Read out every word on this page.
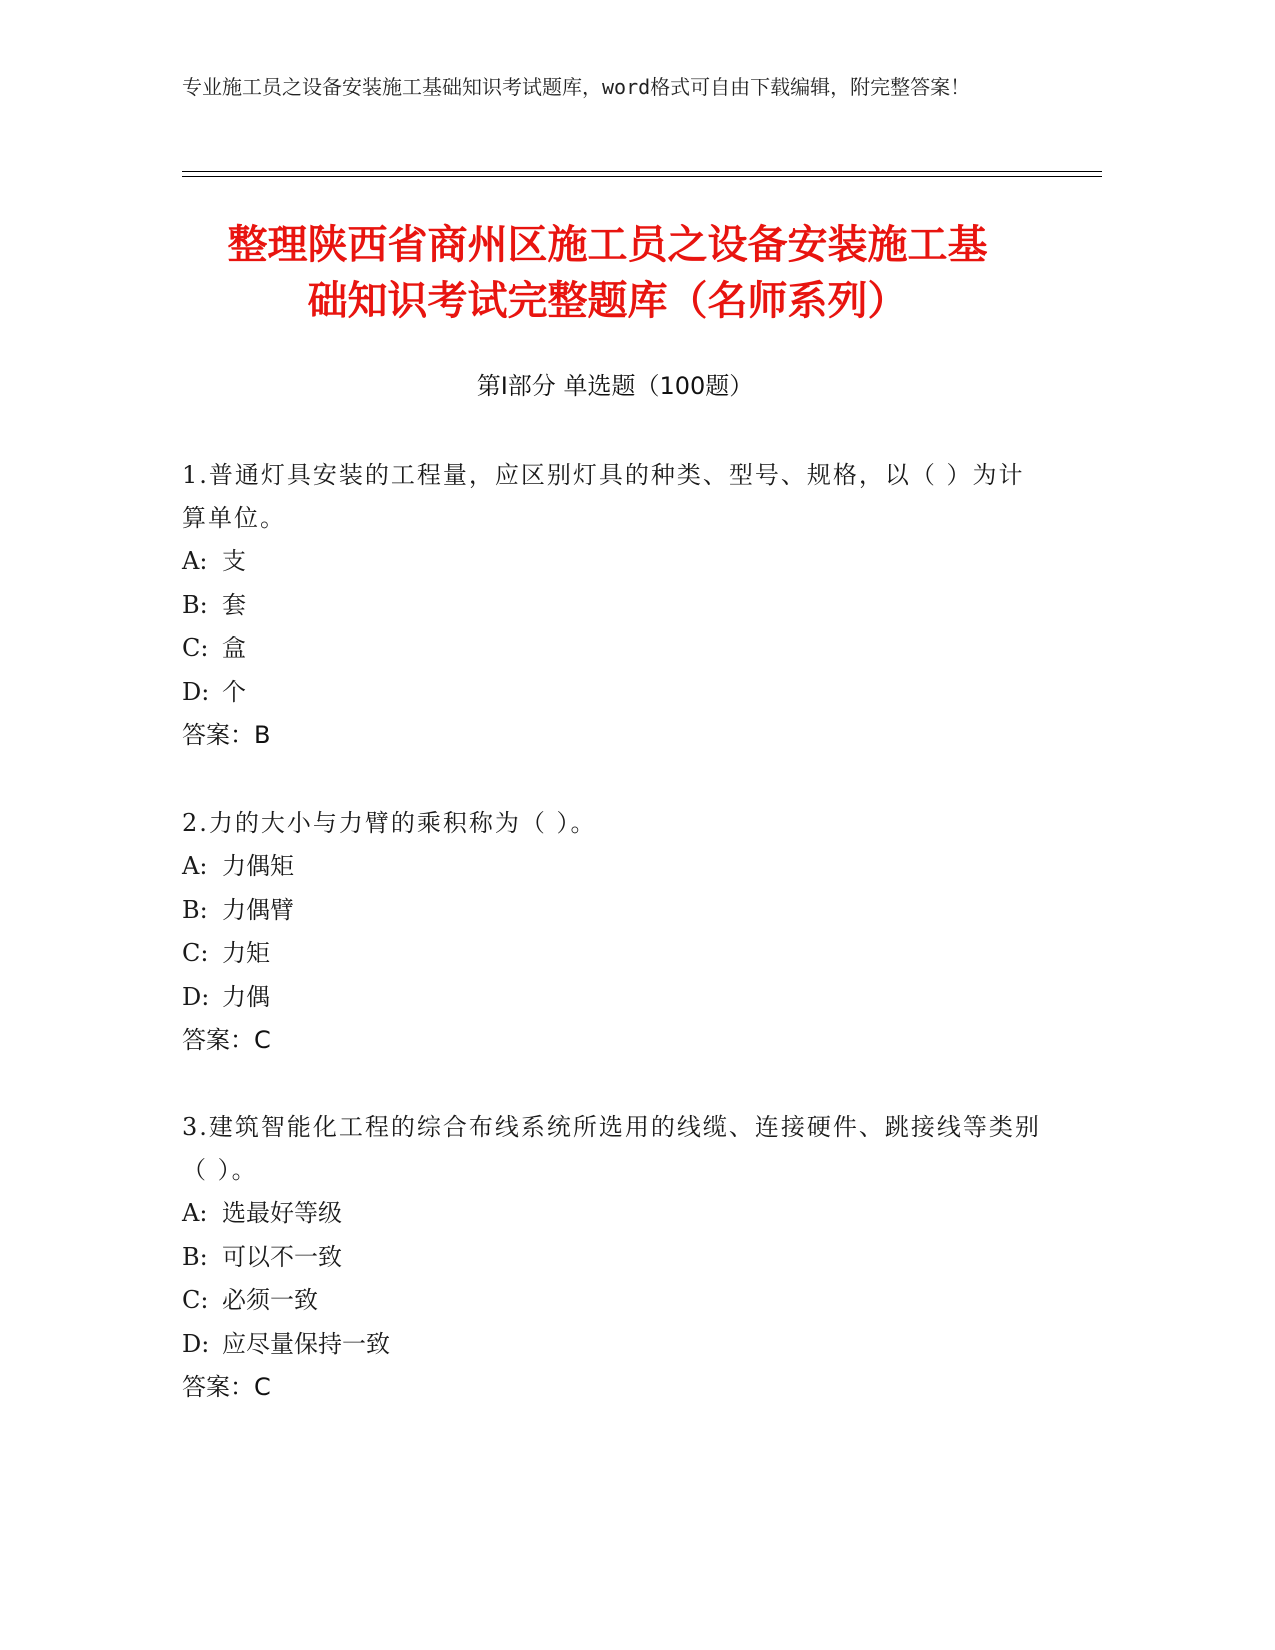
专业施工员之设备安装施工基础知识考试题库，word格式可自由下载编辑，附完整答案！
整理陕西省商州区施工员之设备安装施工基
础知识考试完整题库（名师系列）
第Ⅰ部分 单选题（100题）
1.普通灯具安装的工程量，应区别灯具的种类、型号、规格，以（ ）为计算单位。
A: 支
B: 套
C: 盒
D: 个
答案：B
2.力的大小与力臂的乘积称为（ ）。
A: 力偶矩
B: 力偶臂
C: 力矩
D: 力偶
答案：C
3.建筑智能化工程的综合布线系统所选用的线缆、连接硬件、跳接线等类别（ ）。
A: 选最好等级
B: 可以不一致
C: 必须一致
D: 应尽量保持一致
答案：C
